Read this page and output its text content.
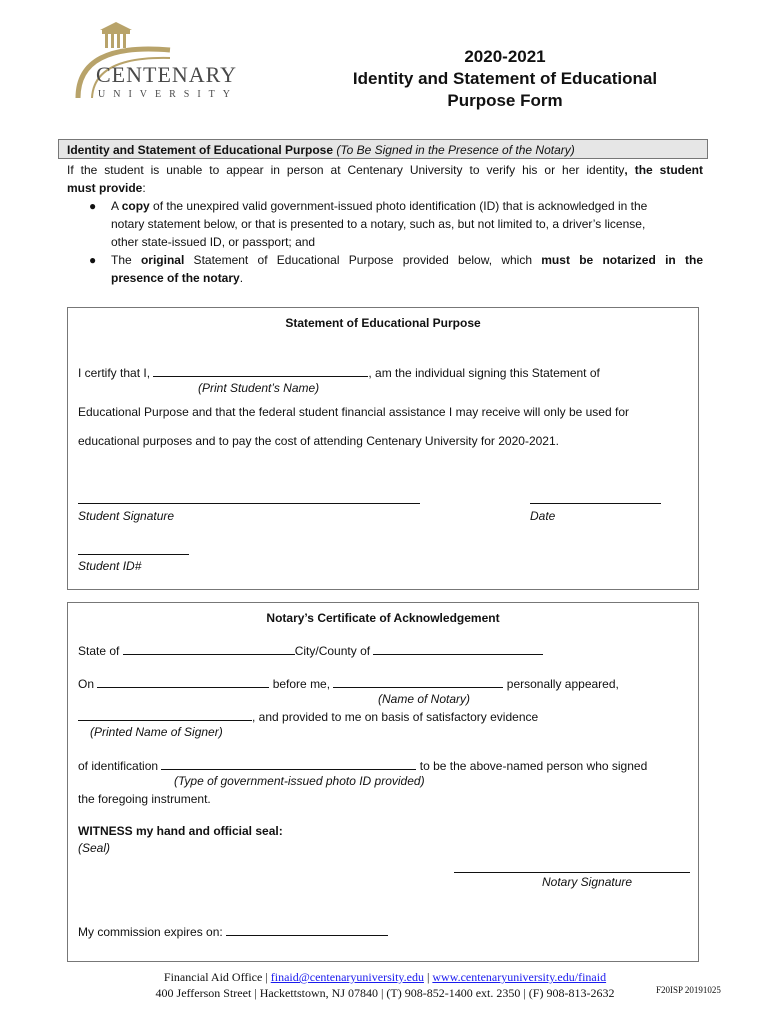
CENTENARY
UNIVERSITY
2020-2021
Identity and Statement of Educational
Purpose Form
Identity and Statement of Educational Purpose (To Be Signed in the Presence of the Notary)
If the student is unable to appear in person at Centenary University to verify his or her identity, the student
must provide:
● A copy of the unexpired valid government-issued photo identification (ID) that is acknowledged in the
notary statement below, or that is presented to a notary, such as, but not limited to, a driver’s license,
other state-issued ID, or passport; and
● The original Statement of Educational Purpose provided below, which must be notarized in the
presence of the notary.
Statement of Educational Purpose
I certify that I,	, am the individual signing this Statement of
(Print Student’s Name)
Educational Purpose and that the federal student financial assistance I may receive will only be used for
educational purposes and to pay the cost of attending Centenary University for 2020-2021.
Student Signature	Date
Student ID#
Notary’s Certificate of Acknowledgement
State of	City/County of
On	before me,	personally appeared,
(Name of Notary)
, and provided to me on basis of satisfactory evidence
(Printed Name of Signer)
of identification	to be the above-named person who signed
(Type of government-issued photo ID provided)
the foregoing instrument.
WITNESS my hand and official seal:
(Seal)
Notary Signature
My commission expires on:
Financial Aid Office | finaid@centenaryuniversity.edu | www.centenaryuniversity.edu/finaid
400 Jefferson Street | Hackettstown, NJ 07840 | (T) 908-852-1400 ext. 2350 | (F) 908-813-2632	F20ISP 20191025
